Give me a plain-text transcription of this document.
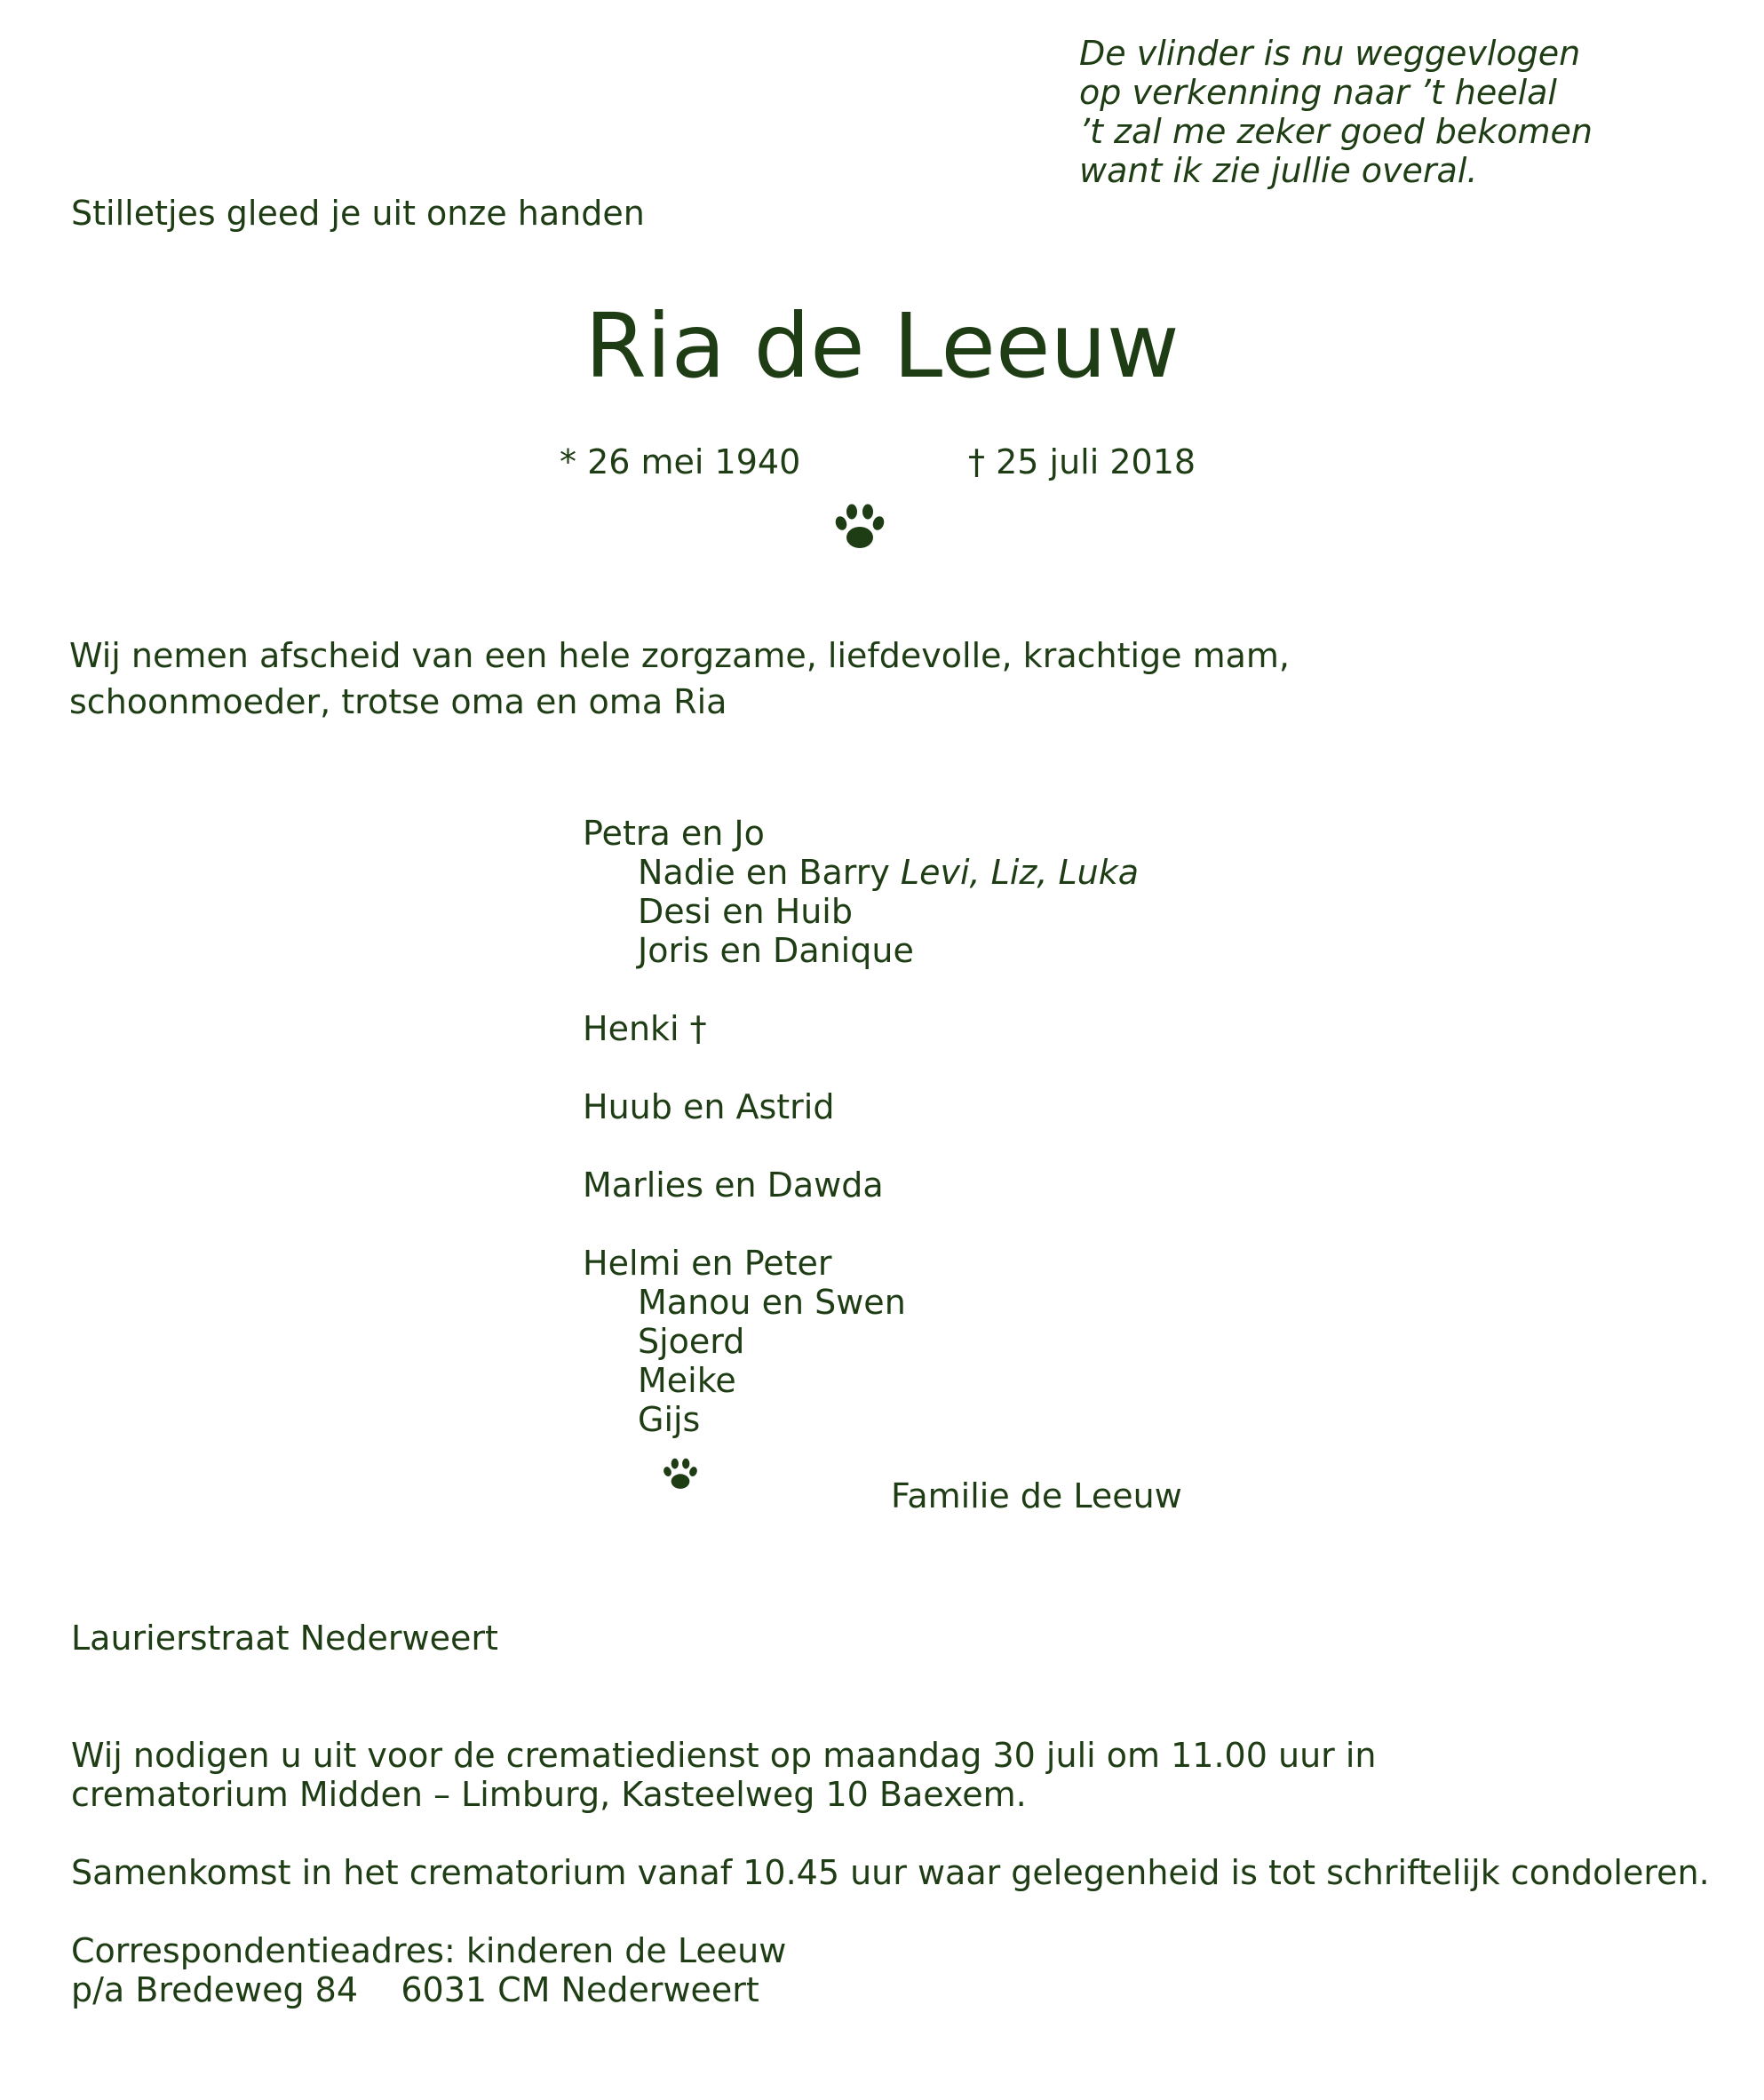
De vlinder is nu weggevlogen
op verkenning naar ’t heelal
’t zal me zeker goed bekomen
want ik zie jullie overal.

Stilletjes gleed je uit onze handen

Ria de Leeuw

* 26 mei 1940	† 25 juli 2018

Wij nemen afscheid van een hele zorgzame, liefdevolle, krachtige mam,
schoonmoeder, trotse oma en oma Ria
Petra en Jo
Nadie en Barry Levi, Liz, Luka
Desi en Huib
Joris en Danique
Henki †
Huub en Astrid
Marlies en Dawda
Helmi en Peter
Manou en Swen
Sjoerd
Meike
Gijs

Familie de Leeuw

Laurierstraat Nederweert

Wij nodigen u uit voor de crematiedienst op maandag 30 juli om 11.00 uur in
crematorium Midden – Limburg, Kasteelweg 10 Baexem.
Samenkomst in het crematorium vanaf 10.45 uur waar gelegenheid is tot schriftelijk condoleren.
Correspondentieadres: kinderen de Leeuw
p/a Bredeweg 84    6031 CM Nederweert
